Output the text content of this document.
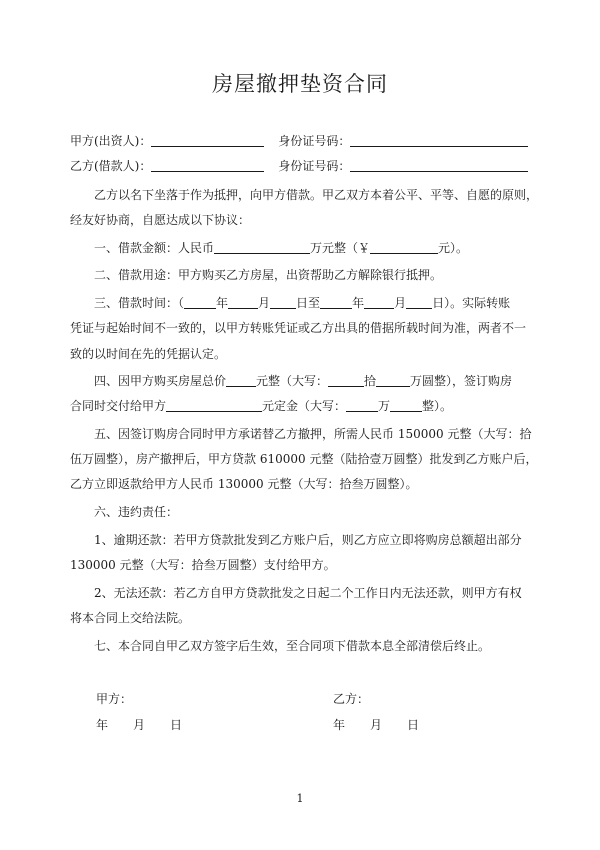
房屋撤押垫资合同
甲方(出资人)：	身份证号码：
乙方(借款人)：	身份证号码：
乙方以名下坐落于作为抵押，向甲方借款。甲乙双方本着公平、平等、自愿的原则，
经友好协商，自愿达成以下协议：
一、借款金额：人民币	万元整（￥	元）。
二、借款用途：甲方购买乙方房屋，出资帮助乙方解除银行抵押。
三、借款时间：（	年	月 日至	年	月 日）。实际转账
凭证与起始时间不一致的，以甲方转账凭证或乙方出具的借据所载时间为准，两者不一
致的以时间在先的凭据认定。
四、因甲方购买房屋总价	元整（大写：	拾	万圆整），签订购房
合同时交付给甲方	元定金（大写：	万	整）。
五、因签订购房合同时甲方承诺替乙方撤押，所需人民币 150000 元整（大写：拾
伍万圆整），房产撤押后，甲方贷款 610000 元整（陆拾壹万圆整）批发到乙方账户后，
乙方立即返款给甲方人民币 130000 元整（大写：拾叁万圆整）。
六、违约责任：
1、逾期还款：若甲方贷款批发到乙方账户后，则乙方应立即将购房总额超出部分
130000 元整（大写：拾叁万圆整）支付给甲方。
2、无法还款：若乙方自甲方贷款批发之日起二个工作日内无法还款，则甲方有权
将本合同上交给法院。
七、本合同自甲乙双方签字后生效，至合同项下借款本息全部清偿后终止。
甲方：	乙方：
年 月 日	年 月 日
1
